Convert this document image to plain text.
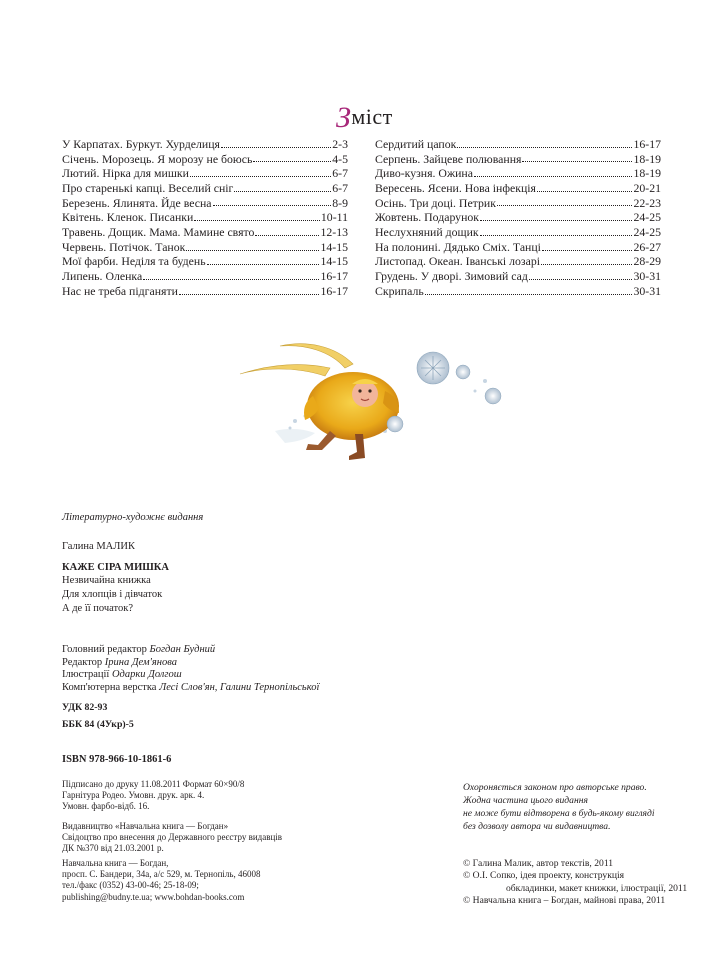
Зміст
У Карпатах. Буркут. Хурделиця	2-3
Січень. Морозець. Я морозу не боюсь	4-5
Лютий. Нірка для мишки	6-7
Про старенькі капці. Веселий сніг	6-7
Березень. Ялинята. Йде весна	8-9
Квітень. Кленок. Писанки	10-11
Травень. Дощик. Мама. Мамине свято	12-13
Червень. Потічок. Танок	14-15
Мої фарби. Неділя та будень	14-15
Липень. Оленка	16-17
Нас не треба підганяти	16-17
Сердитий цапок	16-17
Серпень. Зайцеве полювання	18-19
Диво-кузня. Ожина	18-19
Вересень. Ясени. Нова інфекція	20-21
Осінь. Три доці. Петрик	22-23
Жовтень. Подарунок	24-25
Неслухняний дощик	24-25
На полонині. Дядько Сміх. Танці	26-27
Листопад. Океан. Іванські лозарі	28-29
Грудень. У дворі. Зимовий сад	30-31
Скрипаль	30-31
Літературно-художнє видання
Галина МАЛИК
КАЖЕ СІРА МИШКА
Незвичайна книжка
Для хлопців і дівчаток
А де її початок?
Головний редактор Богдан Будний
Редактор Ірина Дем'янова
Ілюстрації Одарки Долгош
Комп'ютерна верстка Лесі Слов'ян, Галини Тернопільської
УДК 82-93
ББК 84 (4Укр)-5
ISBN 978-966-10-1861-6
Підписано до друку 11.08.2011 Формат 60×90/8
Гарнітура Родео. Умовн. друк. арк. 4.
Умовн. фарбо-відб. 16.
Видавництво «Навчальна книга — Богдан»
Свідоцтво про внесення до Державного реєстру видавців
ДК №370 від 21.03.2001 р.
Навчальна книга — Богдан,
просп. С. Бандери, 34а, а/с 529, м. Тернопіль, 46008
тел./факс (0352) 43-00-46; 25-18-09;
publishing@budny.te.ua; www.bohdan-books.com
Охороняється законом про авторське право.
Жодна частина цього видання
не може бути відтворена в будь-якому вигляді
без дозволу автора чи видавництва.
© Галина Малик, автор текстів, 2011
© О.І. Сопко, ідея проекту, конструкція
обкладинки, макет книжки, ілюстрації, 2011
© Навчальна книга – Богдан, майнові права, 2011
